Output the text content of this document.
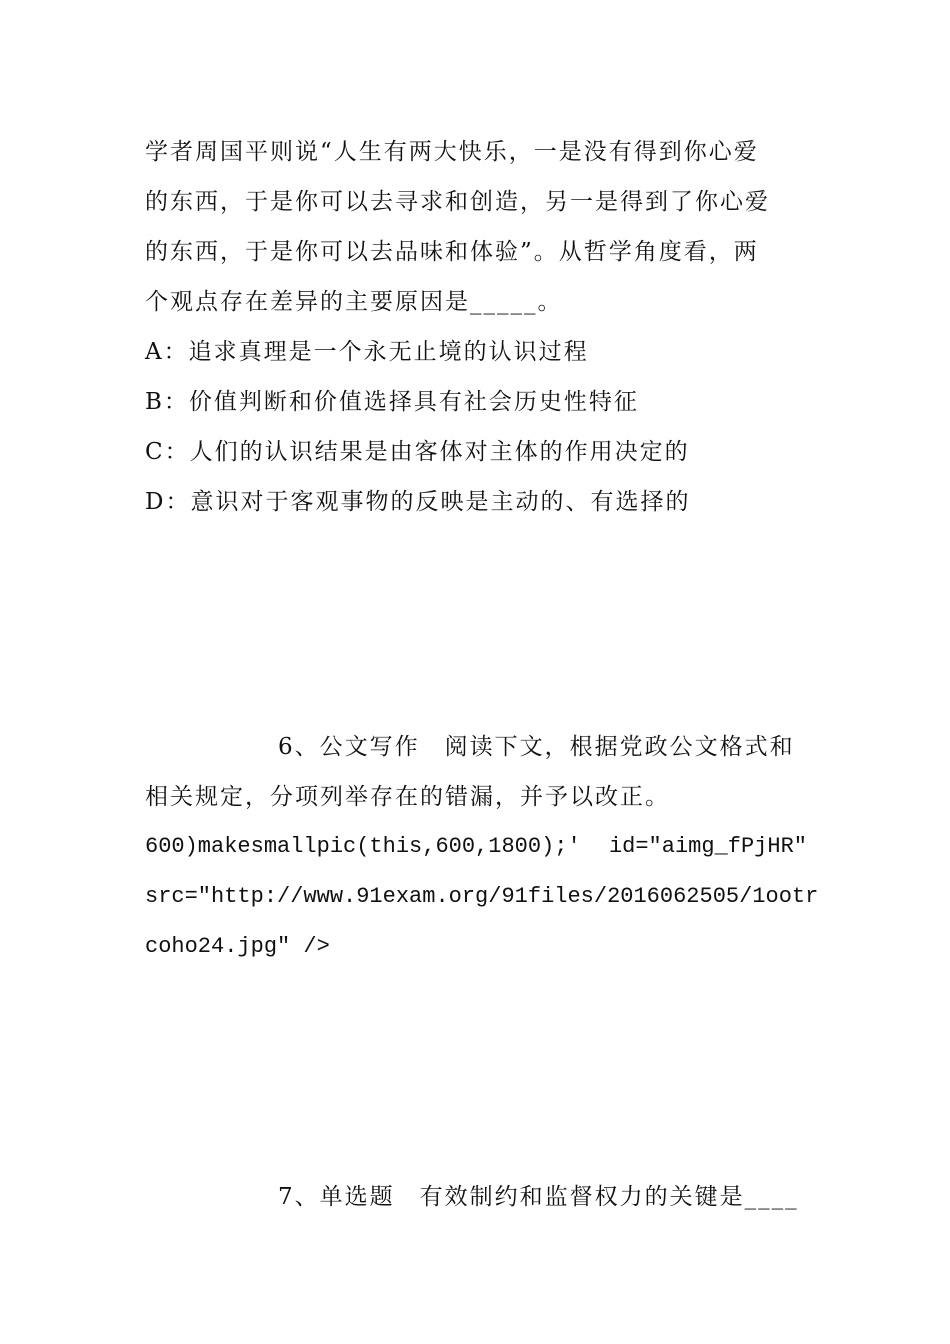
学者周国平则说“人生有两大快乐，一是没有得到你心爱
的东西，于是你可以去寻求和创造，另一是得到了你心爱
的东西，于是你可以去品味和体验”。从哲学角度看，两
个观点存在差异的主要原因是_____。
A：追求真理是一个永无止境的认识过程
B：价值判断和价值选择具有社会历史性特征
C：人们的认识结果是由客体对主体的作用决定的
D：意识对于客观事物的反映是主动的、有选择的
6、公文写作　阅读下文，根据党政公文格式和
相关规定，分项列举存在的错漏，并予以改正。
600)makesmallpic(this,600,1800);' id="aimg_fPjHR"
src="http://www.91exam.org/91files/2016062505/1ootr
coho24.jpg" />
7、单选题　有效制约和监督权力的关键是____
